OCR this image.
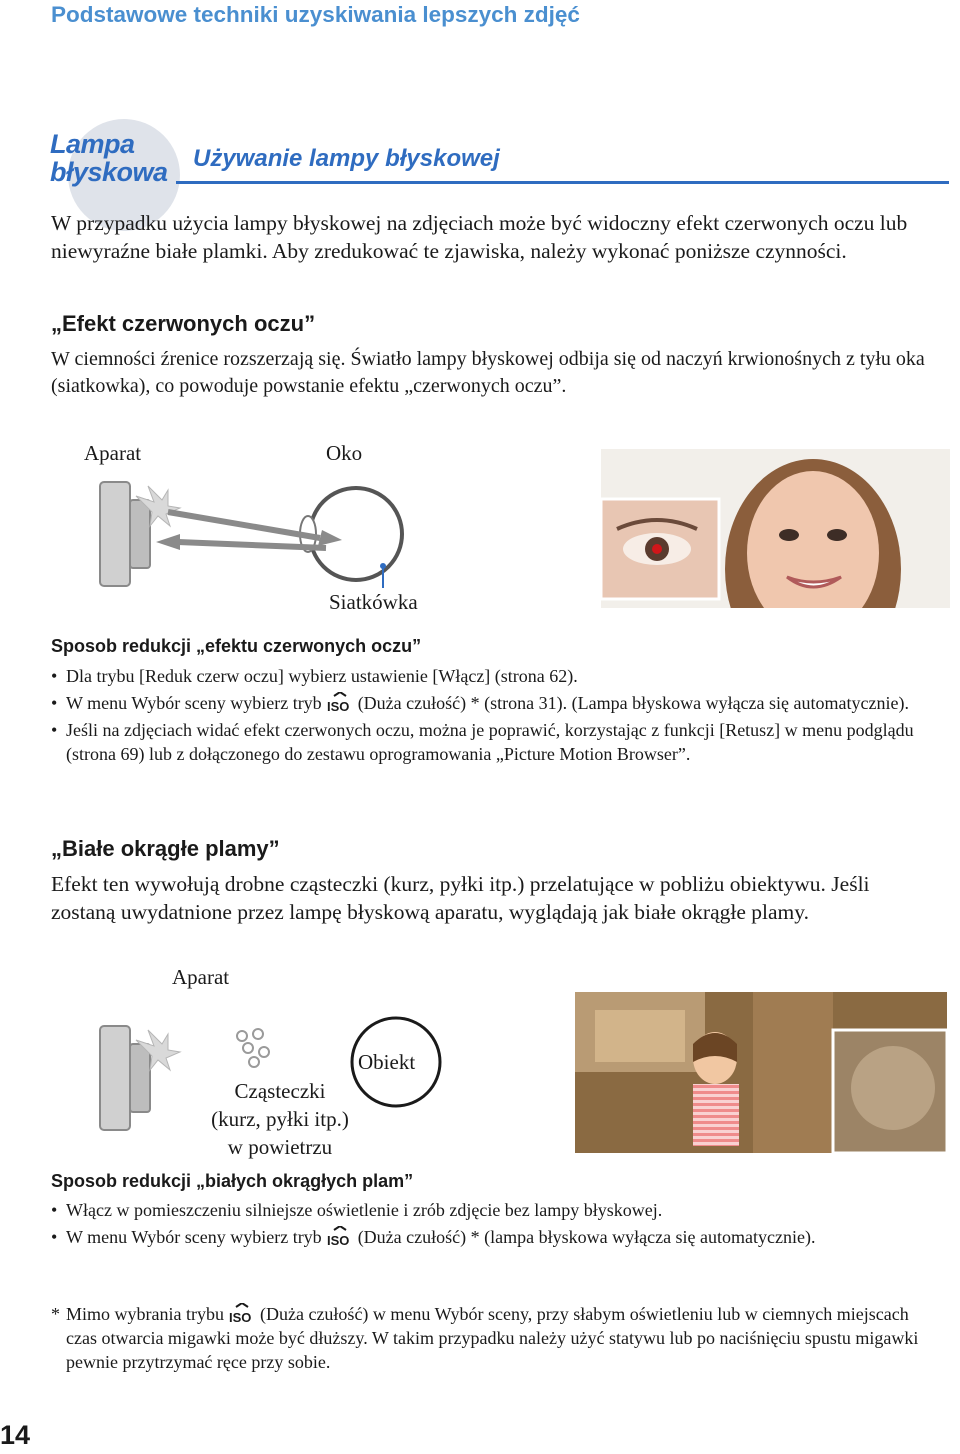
Podstawowe techniki uzyskiwania lepszych zdjęć
Lampa
błyskowa Używanie lampy błyskowej
W przypadku użycia lampy błyskowej na zdjęciach może być widoczny efekt czerwonych oczu lub niewyraźne białe plamki. Aby zredukować te zjawiska, należy wykonać poniższe czynności.
„Efekt czerwonych oczu”
W ciemności źrenice rozszerzają się. Światło lampy błyskowej odbija się od naczyń krwionośnych z tyłu oka (siatkowka), co powoduje powstanie efektu „czerwonych oczu”.
Aparat	Oko
Siatkówka
Sposob redukcji „efektu czerwonych oczu”
• Dla trybu [Reduk czerw oczu] wybierz ustawienie [Włącz] (strona 62).
• W menu Wybór sceny wybierz tryb ISO (Duża czułość) * (strona 31). (Lampa błyskowa wyłącza się automatycznie).
• Jeśli na zdjęciach widać efekt czerwonych oczu, można je poprawić, korzystając z funkcji [Retusz] w menu podglądu (strona 69) lub z dołączonego do zestawu oprogramowania „Picture Motion Browser”.
„Białe okrągłe plamy”
Efekt ten wywołują drobne cząsteczki (kurz, pyłki itp.) przelatujące w pobliżu obiektywu. Jeśli zostaną uwydatnione przez lampę błyskową aparatu, wyglądają jak białe okrągłe plamy.
Aparat
Obiekt
Cząsteczki
(kurz, pyłki itp.)
w powietrzu
Sposob redukcji „białych okrągłych plam”
• Włącz w pomieszczeniu silniejsze oświetlenie i zrób zdjęcie bez lampy błyskowej.
• W menu Wybór sceny wybierz tryb ISO (Duża czułość) * (lampa błyskowa wyłącza się automatycznie).
* Mimo wybrania trybu ISO (Duża czułość) w menu Wybór sceny, przy słabym oświetleniu lub w ciemnych miejscach czas otwarcia migawki może być dłuższy. W takim przypadku należy użyć statywu lub po naciśnięciu spustu migawki pewnie przytrzymać ręce przy sobie.
14
